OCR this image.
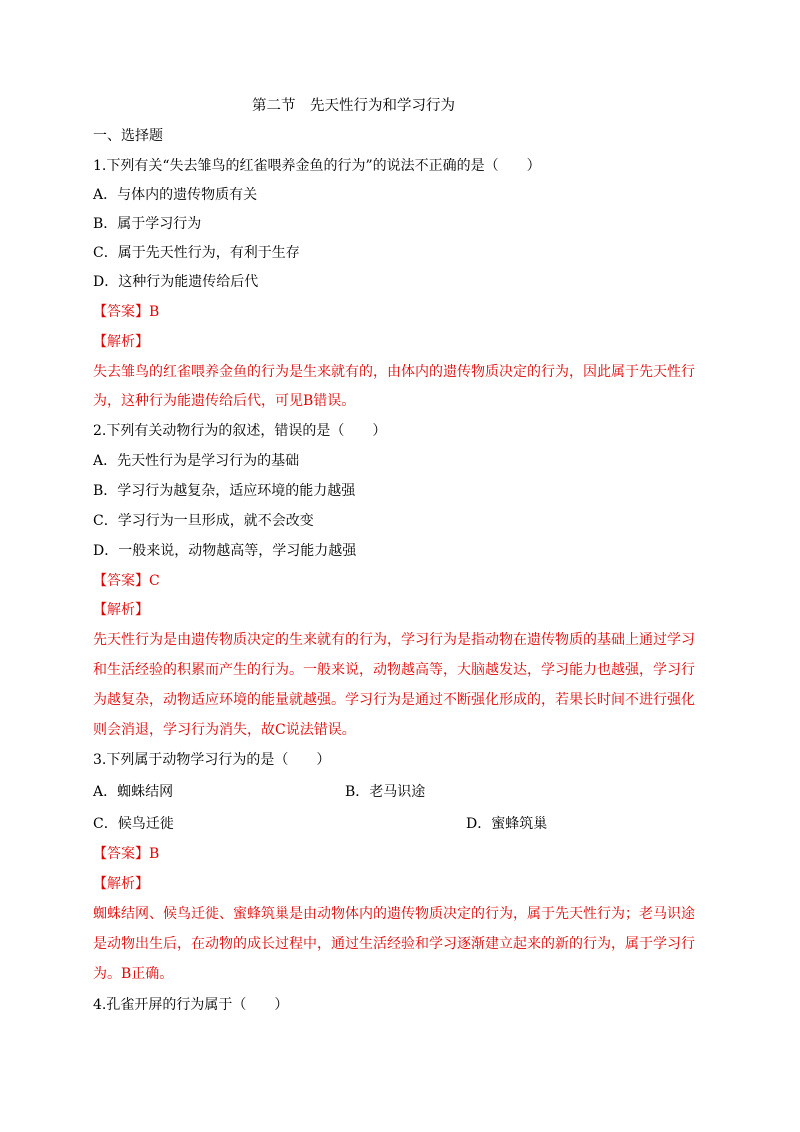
第二节　先天性行为和学习行为
一、选择题
1.下列有关“失去雏鸟的红雀喂养金鱼的行为”的说法不正确的是（　　）
A．与体内的遗传物质有关
B．属于学习行为
C．属于先天性行为，有利于生存
D．这种行为能遗传给后代
【答案】B
【解析】
失去雏鸟的红雀喂养金鱼的行为是生来就有的，由体内的遗传物质决定的行为，因此属于先天性行
为，这种行为能遗传给后代，可见B错误。
2.下列有关动物行为的叙述，错误的是（　　）
A．先天性行为是学习行为的基础
B．学习行为越复杂，适应环境的能力越强
C．学习行为一旦形成，就不会改变
D．一般来说，动物越高等，学习能力越强
【答案】C
【解析】
先天性行为是由遗传物质决定的生来就有的行为，学习行为是指动物在遗传物质的基础上通过学习
和生活经验的积累而产生的行为。一般来说，动物越高等，大脑越发达，学习能力也越强，学习行
为越复杂，动物适应环境的能量就越强。学习行为是通过不断强化形成的，若果长时间不进行强化
则会消退，学习行为消失，故C说法错误。
3.下列属于动物学习行为的是（　　）
A．蜘蛛结网	B．老马识途
C．候鸟迁徙	D．蜜蜂筑巢
【答案】B
【解析】
蜘蛛结网、候鸟迁徙、蜜蜂筑巢是由动物体内的遗传物质决定的行为，属于先天性行为；老马识途
是动物出生后，在动物的成长过程中，通过生活经验和学习逐渐建立起来的新的行为，属于学习行
为。B正确。
4.孔雀开屏的行为属于（　　）
